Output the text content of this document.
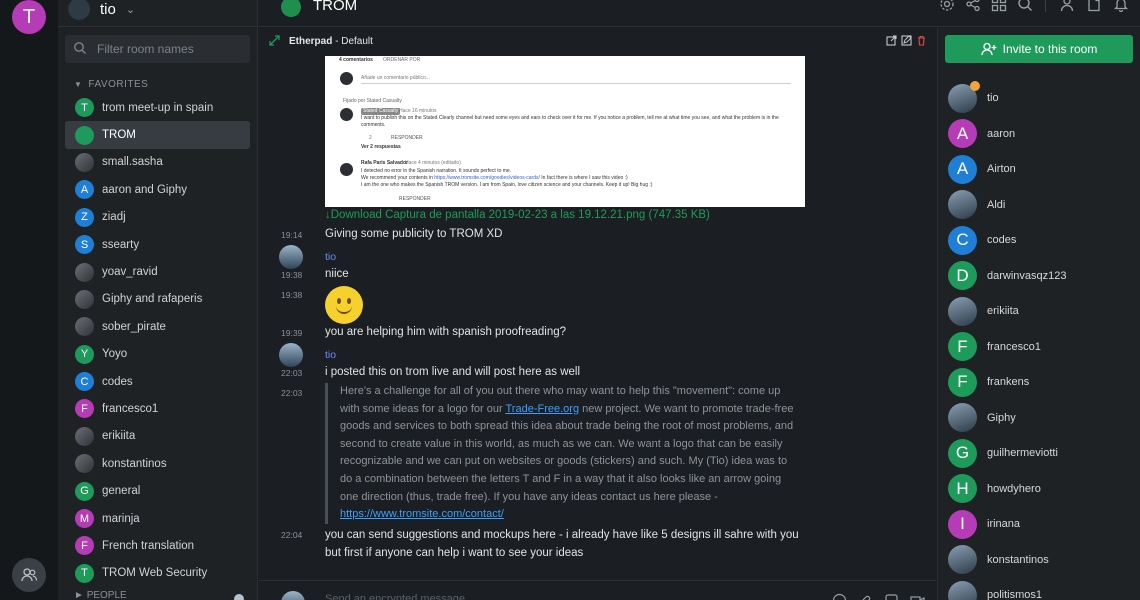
T	tio ⌄
Filter room names
▼ FAVORITES
T	trom meet-up in spain
TROM
small.sasha
A	aaron and Giphy
Z	ziadj
S	ssearty
yoav_ravid
Giphy and rafaperis
sober_pirate
Y	Yoyo
C	codes
F	francesco1
erikiita
konstantinos
G	general
M	marinja
F	French translation
T	TROM Web Security
► PEOPLE
TROM
Etherpad - Default
4 comentarios ORDENAR POR
Añade un comentario público...
Fijado por Stated Casualty
Stated Casualty Hace 16 minutos
I want to publish this on the Stated Clearly channel but need some eyes and ears to check over it for me. If you notice a problem, tell me at what time you see, and what the problem is in the comments.
2	RESPONDER
Ver 2 respuestas
Rafa Paris Salvador
Hace 4 minutos (editado)
I detected no error in the Spanish narration. It sounds perfect to me.
We recommend your contents in https://www.tromsite.com/goodies/videos-cards/ In fact there is where I saw this video :)
I am the one who makes the Spanish TROM version. I am from Spain, love citizen science and your channels. Keep it up! Big hug :)
RESPONDER
↓Download Captura de pantalla 2019-02-23 a las 19.12.21.png (747.35 KB)
19:14 Giving some publicity to TROM XD
tio
19:38 niice
19:38
19:39 you are helping him with spanish proofreading?
tio
22:03 i posted this on trom live and will post here as well
22:03	Here's a challenge for all of you out there who may want to help this "movement": come up with some ideas for a logo for our Trade-Free.org new project. We want to promote trade-free goods and services to both spread this idea about trade being the root of most problems, and second to create value in this world, as much as we can. We want a logo that can be easily recognizable and we can put on websites or goods (stickers) and such. My (Tio) idea was to do a combination between the letters T and F in a way that it also looks like an arrow going one direction (thus, trade free). If you have any ideas contact us here please - https://www.tromsite.com/contact/
22:04 you can send suggestions and mockups here - i already have like 5 designs ill sahre with you but first if anyone can help i want to see your ideas
Send an encrypted message...
Invite to this room
tio
A	aaron
A	Airton
Aldi
C	codes
D	darwinvasqz123
erikiita
F	francesco1
F	frankens
Giphy
G	guilhermeviotti
H	howdyhero
I	irinana
konstantinos
politismos1
